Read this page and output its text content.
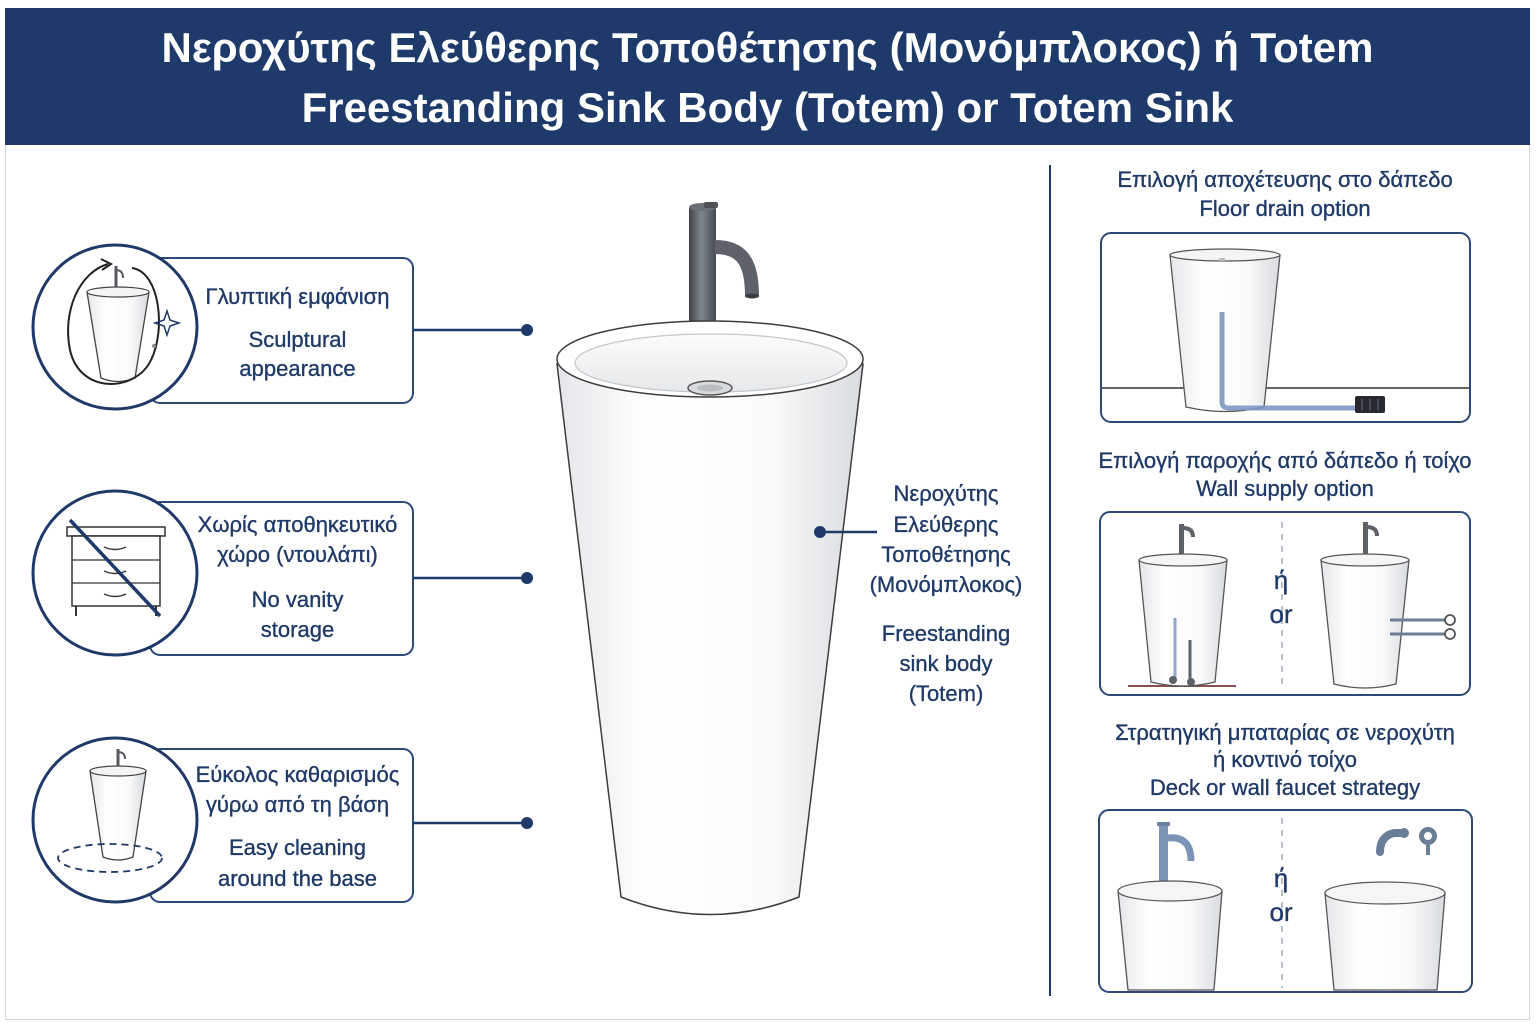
Νεροχύτης Ελεύθερης Τοποθέτησης (Μονόμπλοκος) ή Totem
Freestanding Sink Body (Totem) or Totem Sink
Γλυπτική εμφάνιση
Sculptural
appearance
Χωρίς αποθηκευτικό
χώρο (ντουλάπι)
No vanity
storage
Εύκολος καθαρισμός
γύρω από τη βάση
Easy cleaning
around the base
Νεροχύτης
Ελεύθερης
Τοποθέτησης
(Μονόμπλοκος)
Freestanding
sink body
(Totem)
Επιλογή αποχέτευσης στο δάπεδο
Floor drain option
Επιλογή παροχής από δάπεδο ή τοίχο
Wall supply option
Στρατηγική μπαταρίας σε νεροχύτη
ή κοντινό τοίχο
Deck or wall faucet strategy
ή
or
ή
or
